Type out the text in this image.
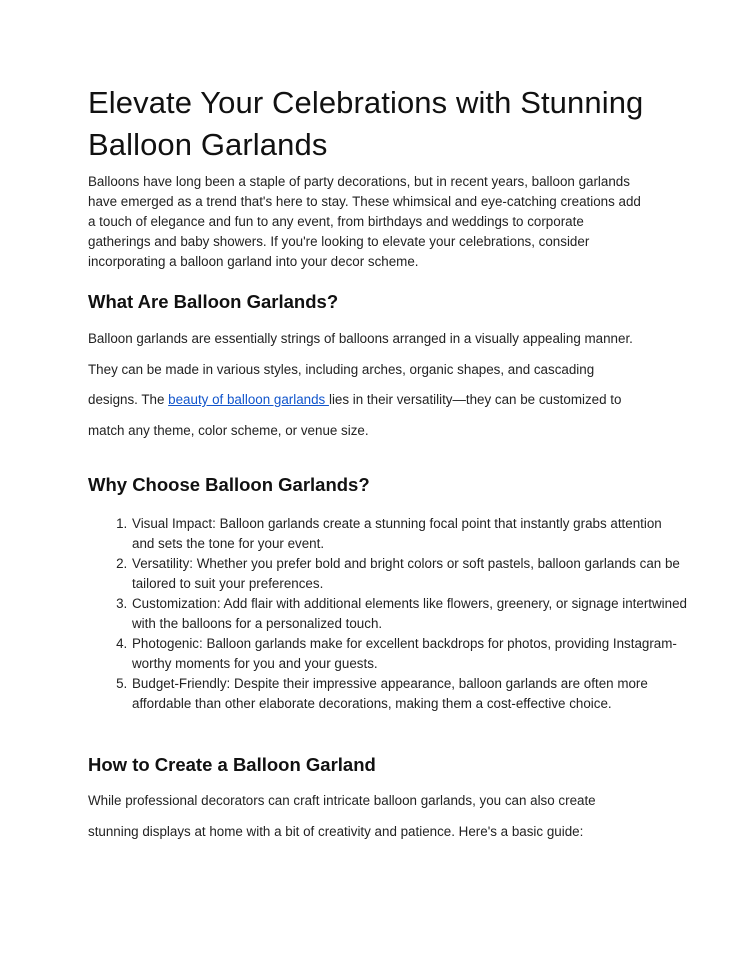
Elevate Your Celebrations with Stunning Balloon Garlands

Balloons have long been a staple of party decorations, but in recent years, balloon garlands have emerged as a trend that's here to stay. These whimsical and eye-catching creations add a touch of elegance and fun to any event, from birthdays and weddings to corporate gatherings and baby showers. If you're looking to elevate your celebrations, consider incorporating a balloon garland into your decor scheme.

What Are Balloon Garlands?

Balloon garlands are essentially strings of balloons arranged in a visually appealing manner. They can be made in various styles, including arches, organic shapes, and cascading designs. The beauty of balloon garlands lies in their versatility—they can be customized to match any theme, color scheme, or venue size.

Why Choose Balloon Garlands?
1. Visual Impact: Balloon garlands create a stunning focal point that instantly grabs attention and sets the tone for your event.
2. Versatility: Whether you prefer bold and bright colors or soft pastels, balloon garlands can be tailored to suit your preferences.
3. Customization: Add flair with additional elements like flowers, greenery, or signage intertwined with the balloons for a personalized touch.
4. Photogenic: Balloon garlands make for excellent backdrops for photos, providing Instagram-worthy moments for you and your guests.
5. Budget-Friendly: Despite their impressive appearance, balloon garlands are often more affordable than other elaborate decorations, making them a cost-effective choice.
How to Create a Balloon Garland

While professional decorators can craft intricate balloon garlands, you can also create stunning displays at home with a bit of creativity and patience. Here's a basic guide:
